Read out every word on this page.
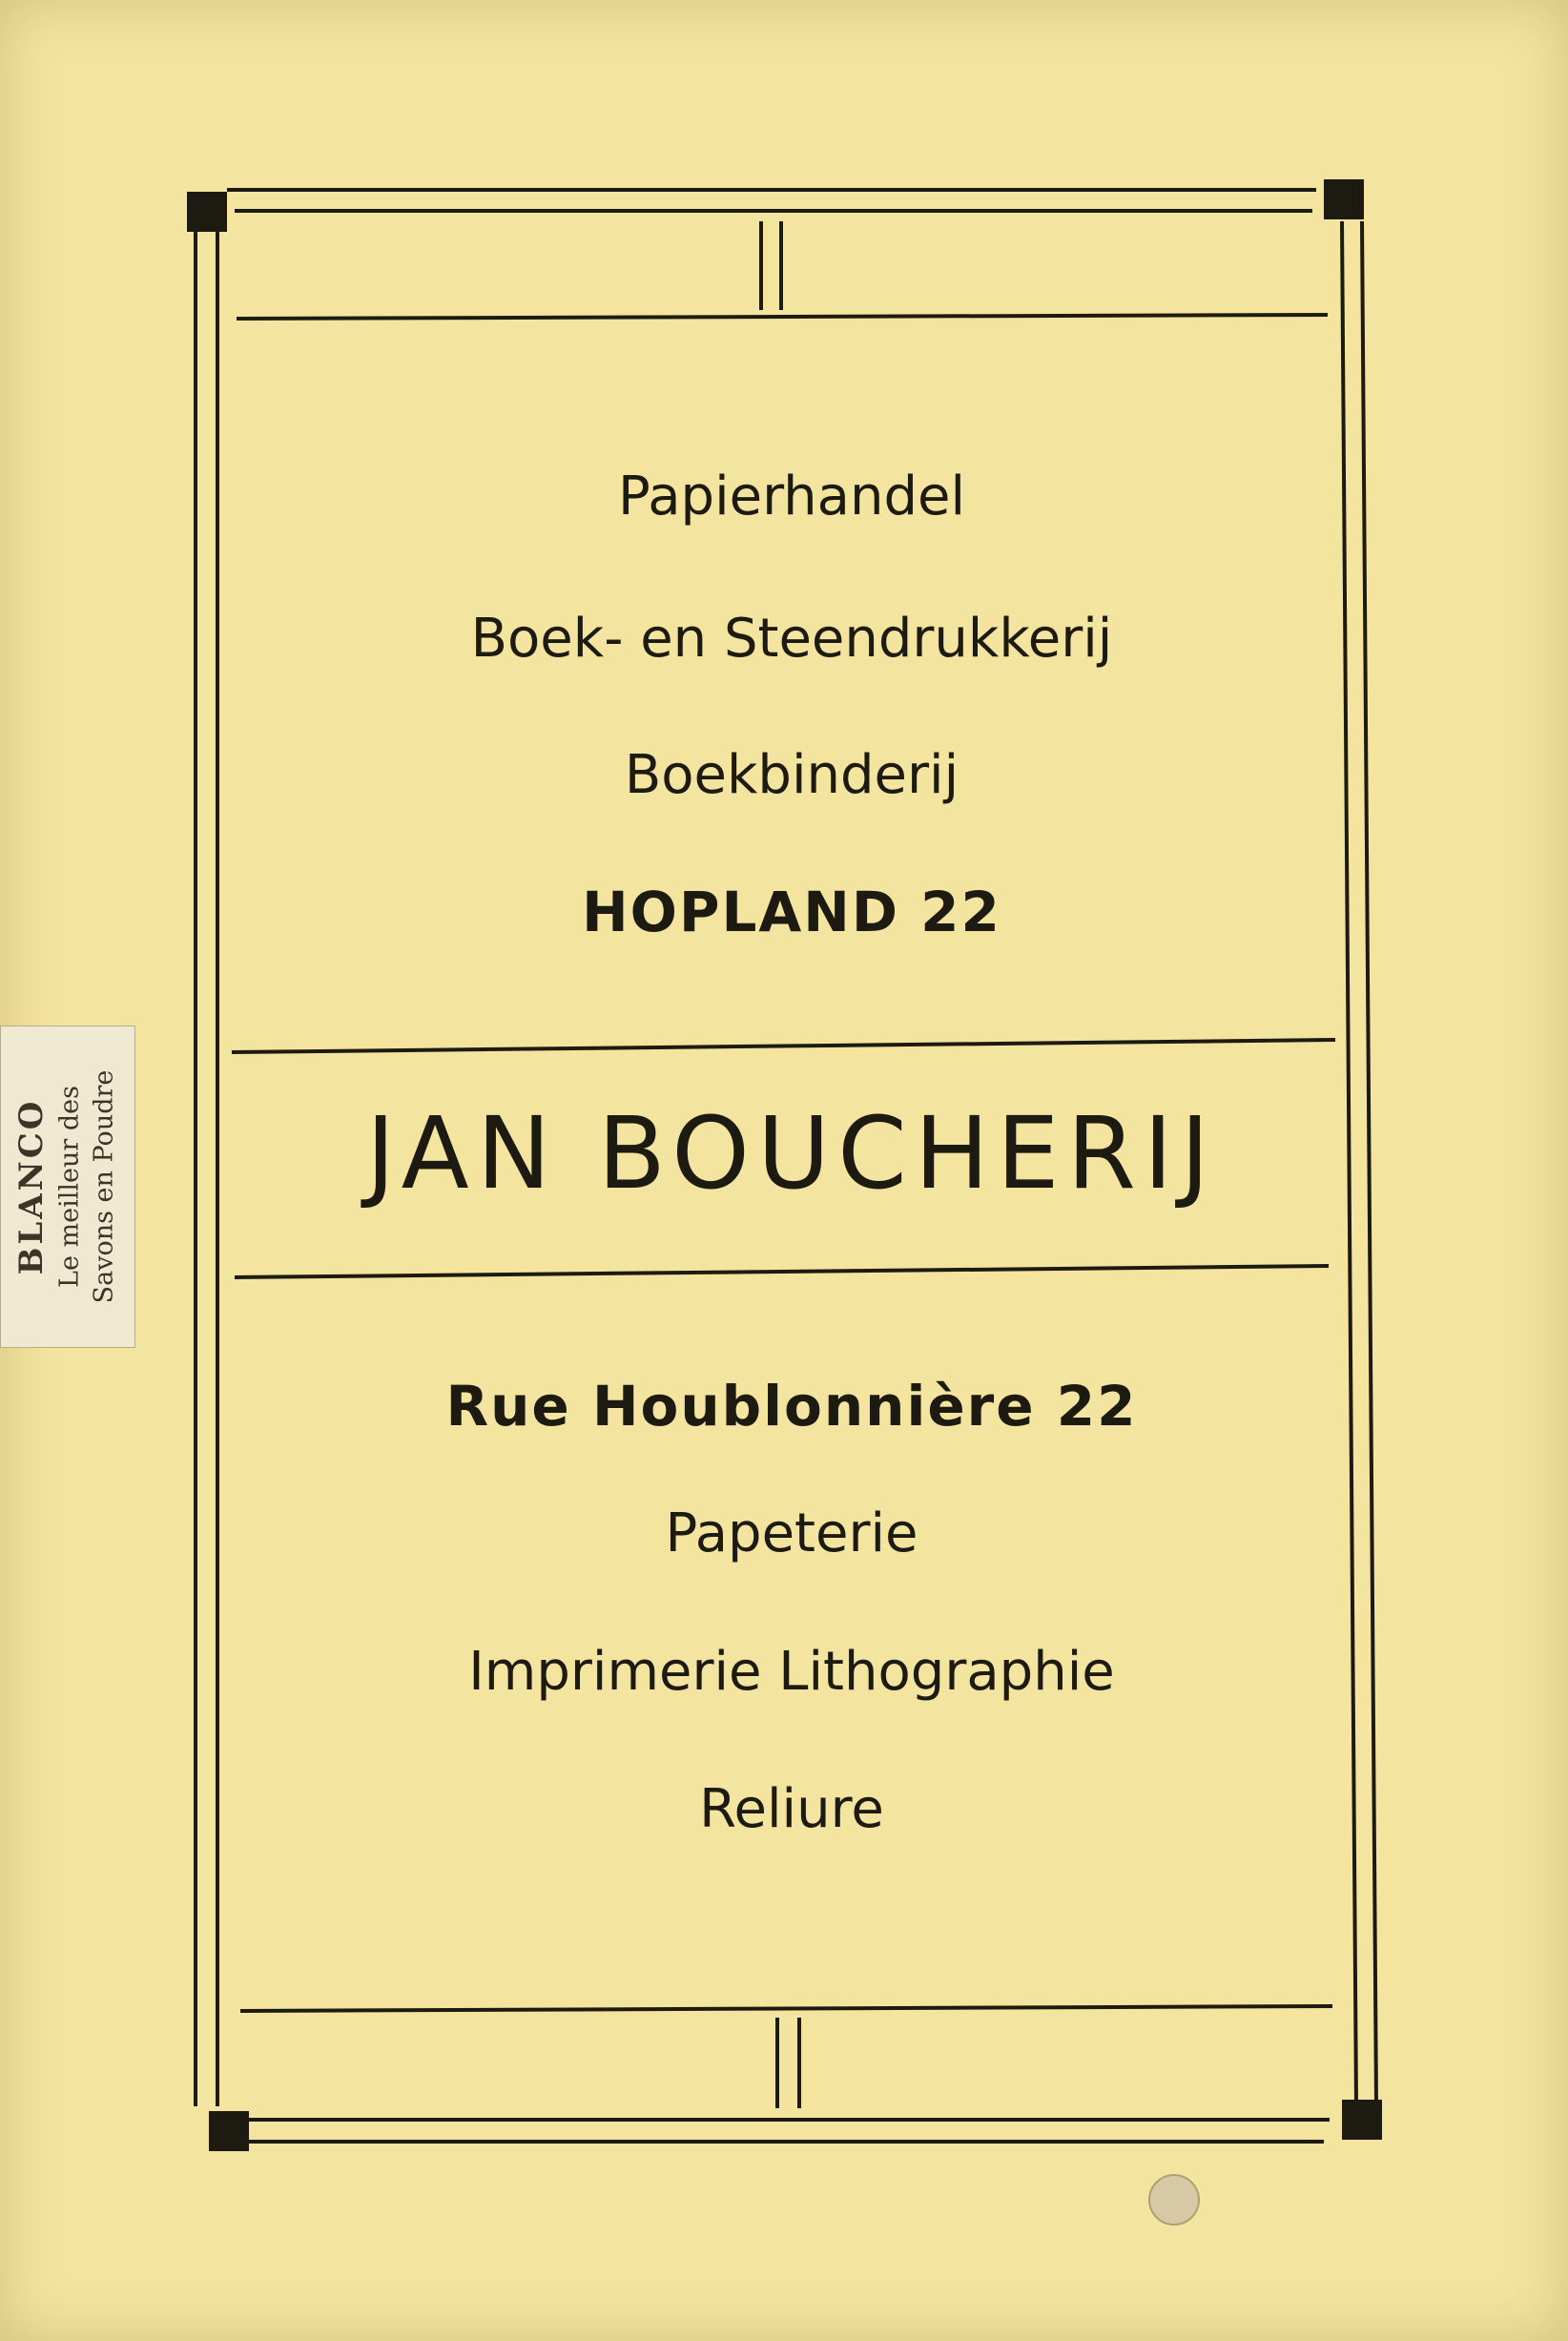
Papierhandel
Boek- en Steendrukkerij
Boekbinderij
HOPLAND 22
JAN BOUCHERIJ
Rue Houblonnière 22
Papeterie
Imprimerie Lithographie
Reliure
BLANCO Le meilleur des Savons en Poudre
